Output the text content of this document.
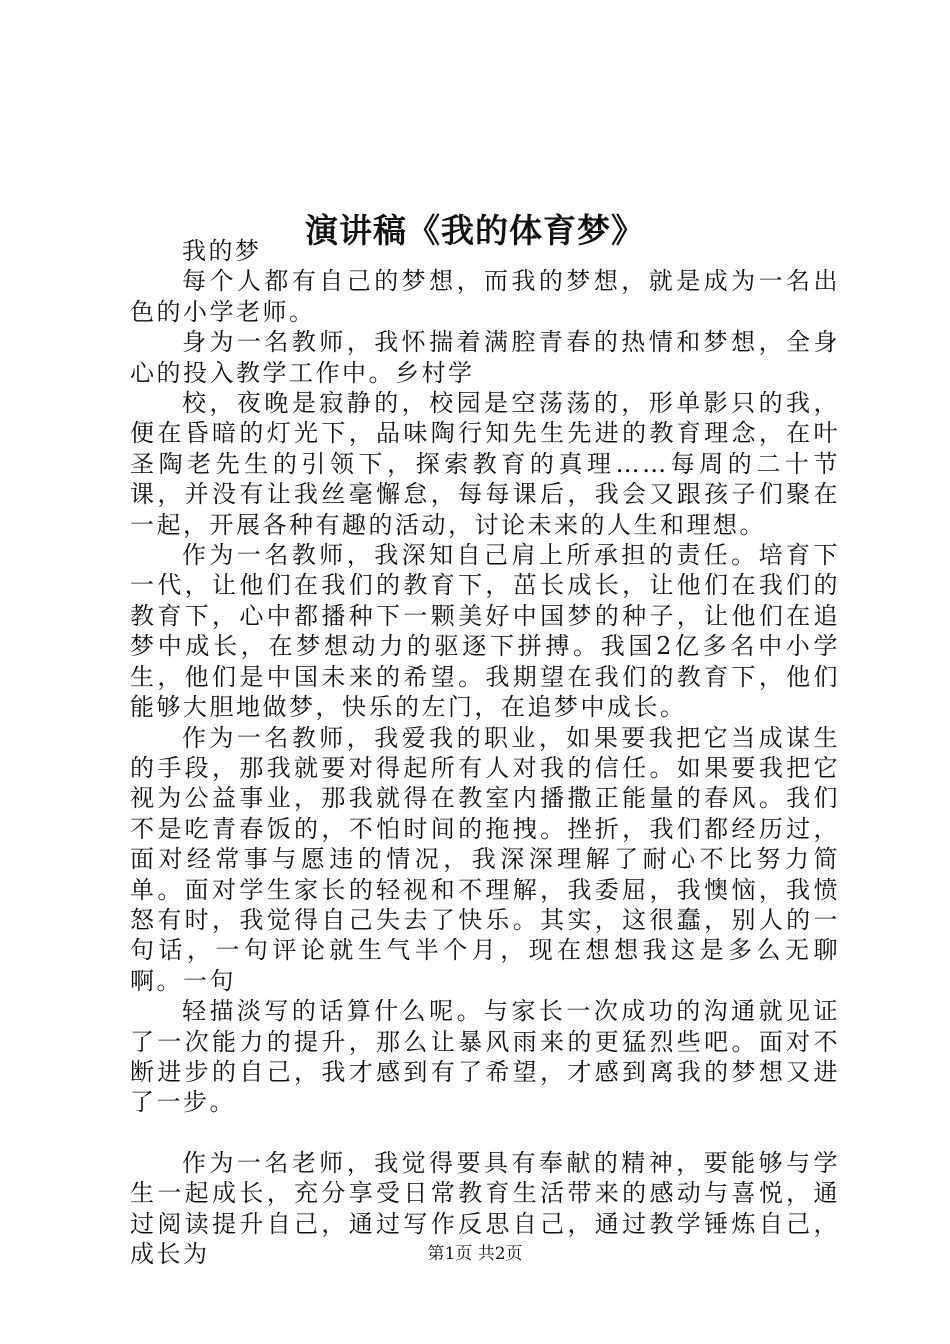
演讲稿《我的体育梦》

我的梦

每个人都有自己的梦想，而我的梦想，就是成为一名出色的小学老师。

身为一名教师，我怀揣着满腔青春的热情和梦想，全身心的投入教学工作中。乡村学

校，夜晚是寂静的，校园是空荡荡的，形单影只的我，便在昏暗的灯光下，品味陶行知先生先进的教育理念，在叶圣陶老先生的引领下，探索教育的真理……每周的二十节课，并没有让我丝毫懈怠，每每课后，我会又跟孩子们聚在一起，开展各种有趣的活动，讨论未来的人生和理想。

作为一名教师，我深知自己肩上所承担的责任。培育下一代，让他们在我们的教育下，茁长成长，让他们在我们的教育下，心中都播种下一颗美好中国梦的种子，让他们在追梦中成长，在梦想动力的驱逐下拼搏。我国2亿多名中小学生，他们是中国未来的希望。我期望在我们的教育下，他们能够大胆地做梦，快乐的左门，在追梦中成长。

作为一名教师，我爱我的职业，如果要我把它当成谋生的手段，那我就要对得起所有人对我的信任。如果要我把它视为公益事业，那我就得在教室内播撒正能量的春风。我们不是吃青春饭的，不怕时间的拖拽。挫折，我们都经历过，面对经常事与愿违的情况，我深深理解了耐心不比努力简单。面对学生家长的轻视和不理解，我委屈，我懊恼，我愤怒有时，我觉得自己失去了快乐。其实，这很蠢，别人的一句话，一句评论就生气半个月，现在想想我这是多么无聊啊。一句

轻描淡写的话算什么呢。与家长一次成功的沟通就见证了一次能力的提升，那么让暴风雨来的更猛烈些吧。面对不断进步的自己，我才感到有了希望，才感到离我的梦想又进了一步。

作为一名老师，我觉得要具有奉献的精神，要能够与学生一起成长，充分享受日常教育生活带来的感动与喜悦，通过阅读提升自己，通过写作反思自己，通过教学锤炼自己，成长为	第1页 共2页
